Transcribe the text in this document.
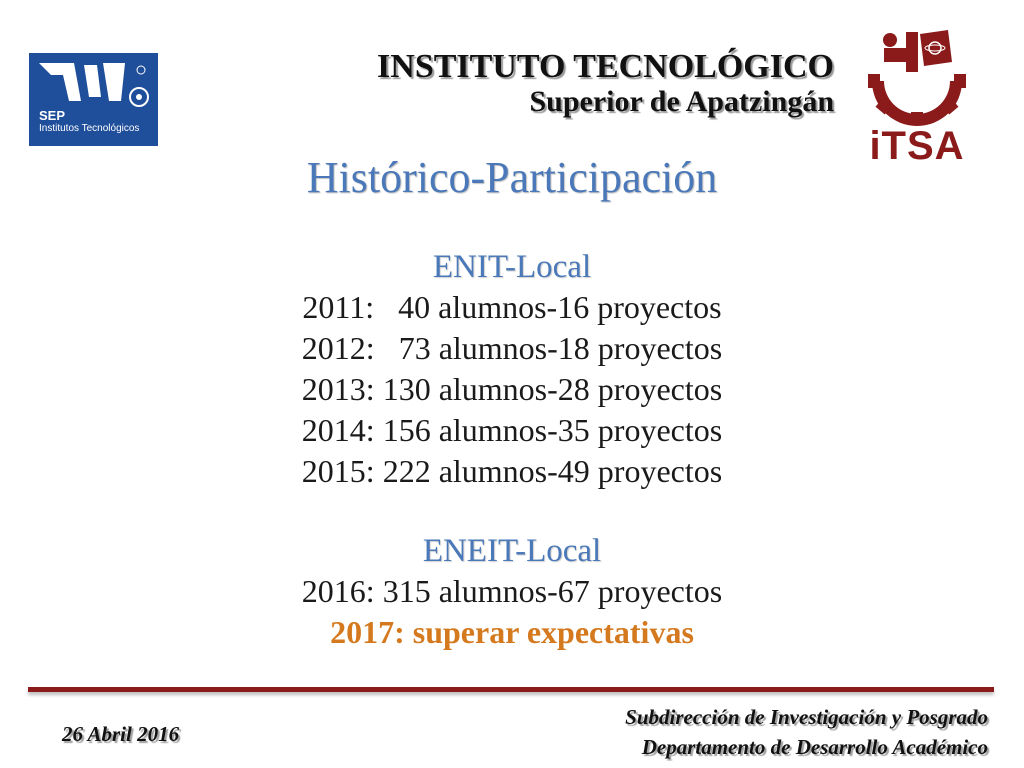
SEP
Institutos Tecnológicos
INSTITUTO TECNOLÓGICO
Superior de Apatzingán
iTSA
Histórico-Participación
ENIT-Local
2011:   40 alumnos-16 proyectos
2012:   73 alumnos-18 proyectos
2013: 130 alumnos-28 proyectos
2014: 156 alumnos-35 proyectos
2015: 222 alumnos-49 proyectos
ENEIT-Local
2016: 315 alumnos-67 proyectos
2017: superar expectativas
26 Abril 2016
Subdirección de Investigación y Posgrado
Departamento de Desarrollo Académico
